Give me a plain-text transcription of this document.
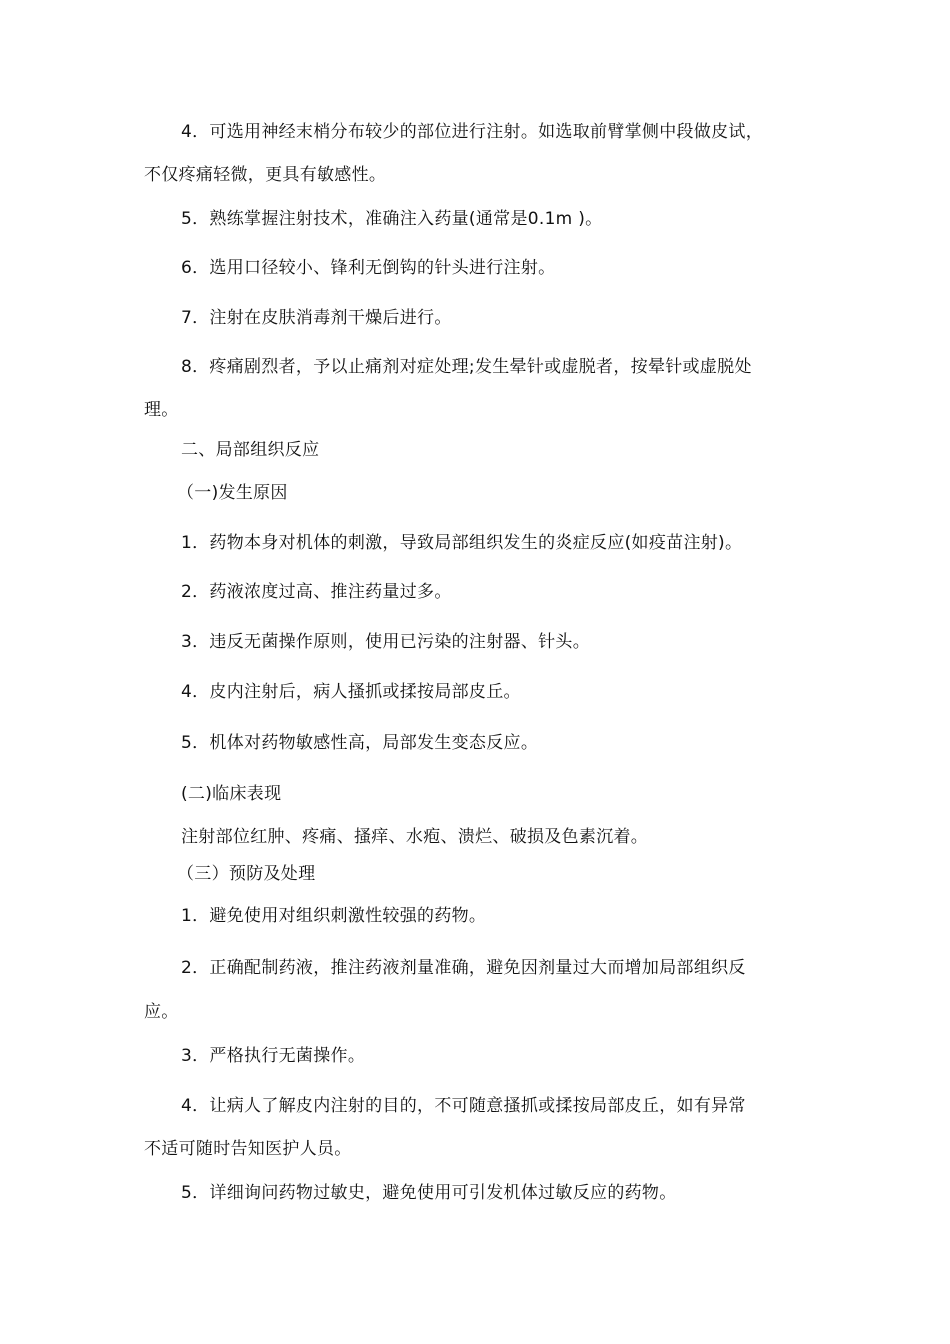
4．可选用神经末梢分布较少的部位进行注射。如选取前臂掌侧中段做皮试，

不仅疼痛轻微，更具有敏感性。

5．熟练掌握注射技术，准确注入药量(通常是0.1m )。

6．选用口径较小、锋利无倒钩的针头进行注射。

7．注射在皮肤消毒剂干燥后进行。

8．疼痛剧烈者，予以止痛剂对症处理;发生晕针或虚脱者，按晕针或虚脱处

理。

二、局部组织反应

（一)发生原因

1．药物本身对机体的刺激，导致局部组织发生的炎症反应(如疫苗注射)。

2．药液浓度过高、推注药量过多。

3．违反无菌操作原则，使用已污染的注射器、针头。

4．皮内注射后，病人搔抓或揉按局部皮丘。

5．机体对药物敏感性高，局部发生变态反应。

(二)临床表现

注射部位红肿、疼痛、搔痒、水疱、溃烂、破损及色素沉着。

（三）预防及处理

1．避免使用对组织刺激性较强的药物。

2．正确配制药液，推注药液剂量准确，避免因剂量过大而增加局部组织反

应。

3．严格执行无菌操作。

4．让病人了解皮内注射的目的，不可随意搔抓或揉按局部皮丘，如有异常

不适可随时告知医护人员。

5．详细询问药物过敏史，避免使用可引发机体过敏反应的药物。
